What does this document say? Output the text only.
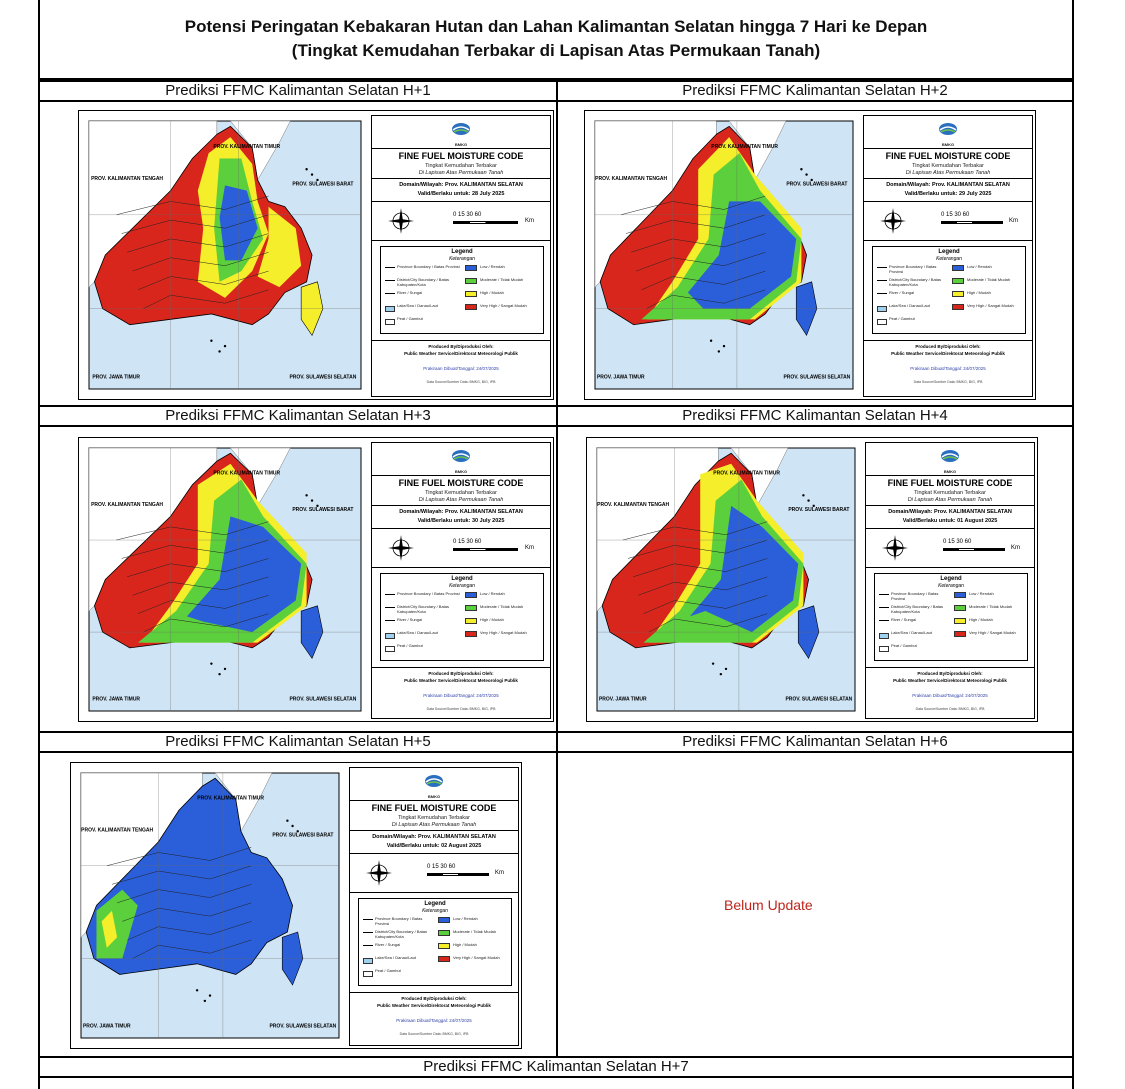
Potensi Peringatan Kebakaran Hutan dan Lahan Kalimantan Selatan hingga 7 Hari ke Depan
(Tingkat Kemudahan Terbakar di Lapisan Atas Permukaan Tanah)
Prediksi FFMC Kalimantan Selatan H+1	Prediksi FFMC Kalimantan Selatan H+2
Prediksi FFMC Kalimantan Selatan H+3	Prediksi FFMC Kalimantan Selatan H+4
Prediksi FFMC Kalimantan Selatan H+5	Prediksi FFMC Kalimantan Selatan H+6
Prediksi FFMC Kalimantan Selatan H+7
Belum Update
PROV. KALIMANTAN TIMUR
PROV. KALIMANTAN TENGAH
PROV. SULAWESI BARAT
PROV. JAWA TIMUR	PROV. SULAWESI SELATAN
BMKG
FINE FUEL MOISTURE CODE
Tingkat Kemudahan Terbakar
Di Lapisan Atas Permukaan Tanah
Domain/Wilayah: Prov. KALIMANTAN SELATAN
Valid/Berlaku untuk: 28 July 2025
0 15 30 60
Km
Legend
Keterangan
Province Boundary / Batas Provinsi
District/City Boundary / Batas Kabupaten/Kota
River / Sungai
Lake/Sea / Danau/Laut
Peat / Gambut
Low / Rendah
Moderate / Tidak Mudah
High / Mudah
Very High / Sangat Mudah
Produced By/Diproduksi Oleh:
Public Weather Service/Direktorat Meteorologi Publik
Prakiraan Dibuat/Tanggal: 24/07/2025
Data Source/Sumber Data: BMKG, BIG, IPB
PROV. KALIMANTAN TIMUR
PROV. KALIMANTAN TENGAH
PROV. SULAWESI BARAT
PROV. JAWA TIMUR	PROV. SULAWESI SELATAN
BMKG
FINE FUEL MOISTURE CODE
Tingkat Kemudahan Terbakar
Di Lapisan Atas Permukaan Tanah
Domain/Wilayah: Prov. KALIMANTAN SELATAN
Valid/Berlaku untuk: 29 July 2025
0 15 30 60
Km
Legend
Keterangan
Province Boundary / Batas Provinsi
District/City Boundary / Batas Kabupaten/Kota
River / Sungai
Lake/Sea / Danau/Laut
Peat / Gambut
Low / Rendah
Moderate / Tidak Mudah
High / Mudah
Very High / Sangat Mudah
Produced By/Diproduksi Oleh:
Public Weather Service/Direktorat Meteorologi Publik
Prakiraan Dibuat/Tanggal: 24/07/2025
Data Source/Sumber Data: BMKG, BIG, IPB
PROV. KALIMANTAN TIMUR
PROV. KALIMANTAN TENGAH
PROV. SULAWESI BARAT
PROV. JAWA TIMUR	PROV. SULAWESI SELATAN
BMKG
FINE FUEL MOISTURE CODE
Tingkat Kemudahan Terbakar
Di Lapisan Atas Permukaan Tanah
Domain/Wilayah: Prov. KALIMANTAN SELATAN
Valid/Berlaku untuk: 30 July 2025
0 15 30 60
Km
Legend
Keterangan
Province Boundary / Batas Provinsi
District/City Boundary / Batas Kabupaten/Kota
River / Sungai
Lake/Sea / Danau/Laut
Peat / Gambut
Low / Rendah
Moderate / Tidak Mudah
High / Mudah
Very High / Sangat Mudah
Produced By/Diproduksi Oleh:
Public Weather Service/Direktorat Meteorologi Publik
Prakiraan Dibuat/Tanggal: 24/07/2025
Data Source/Sumber Data: BMKG, BIG, IPB
PROV. KALIMANTAN TIMUR
PROV. KALIMANTAN TENGAH
PROV. SULAWESI BARAT
PROV. JAWA TIMUR	PROV. SULAWESI SELATAN
BMKG
FINE FUEL MOISTURE CODE
Tingkat Kemudahan Terbakar
Di Lapisan Atas Permukaan Tanah
Domain/Wilayah: Prov. KALIMANTAN SELATAN
Valid/Berlaku untuk: 01 August 2025
0 15 30 60
Km
Legend
Keterangan
Province Boundary / Batas Provinsi
District/City Boundary / Batas Kabupaten/Kota
River / Sungai
Lake/Sea / Danau/Laut
Peat / Gambut
Low / Rendah
Moderate / Tidak Mudah
High / Mudah
Very High / Sangat Mudah
Produced By/Diproduksi Oleh:
Public Weather Service/Direktorat Meteorologi Publik
Prakiraan Dibuat/Tanggal: 24/07/2025
Data Source/Sumber Data: BMKG, BIG, IPB
PROV. KALIMANTAN TIMUR
PROV. KALIMANTAN TENGAH
PROV. SULAWESI BARAT
PROV. JAWA TIMUR	PROV. SULAWESI SELATAN
BMKG
FINE FUEL MOISTURE CODE
Tingkat Kemudahan Terbakar
Di Lapisan Atas Permukaan Tanah
Domain/Wilayah: Prov. KALIMANTAN SELATAN
Valid/Berlaku untuk: 02 August 2025
0 15 30 60
Km
Legend
Keterangan
Province Boundary / Batas Provinsi
District/City Boundary / Batas Kabupaten/Kota
River / Sungai
Lake/Sea / Danau/Laut
Peat / Gambut
Low / Rendah
Moderate / Tidak Mudah
High / Mudah
Very High / Sangat Mudah
Produced By/Diproduksi Oleh:
Public Weather Service/Direktorat Meteorologi Publik
Prakiraan Dibuat/Tanggal: 24/07/2025
Data Source/Sumber Data: BMKG, BIG, IPB
